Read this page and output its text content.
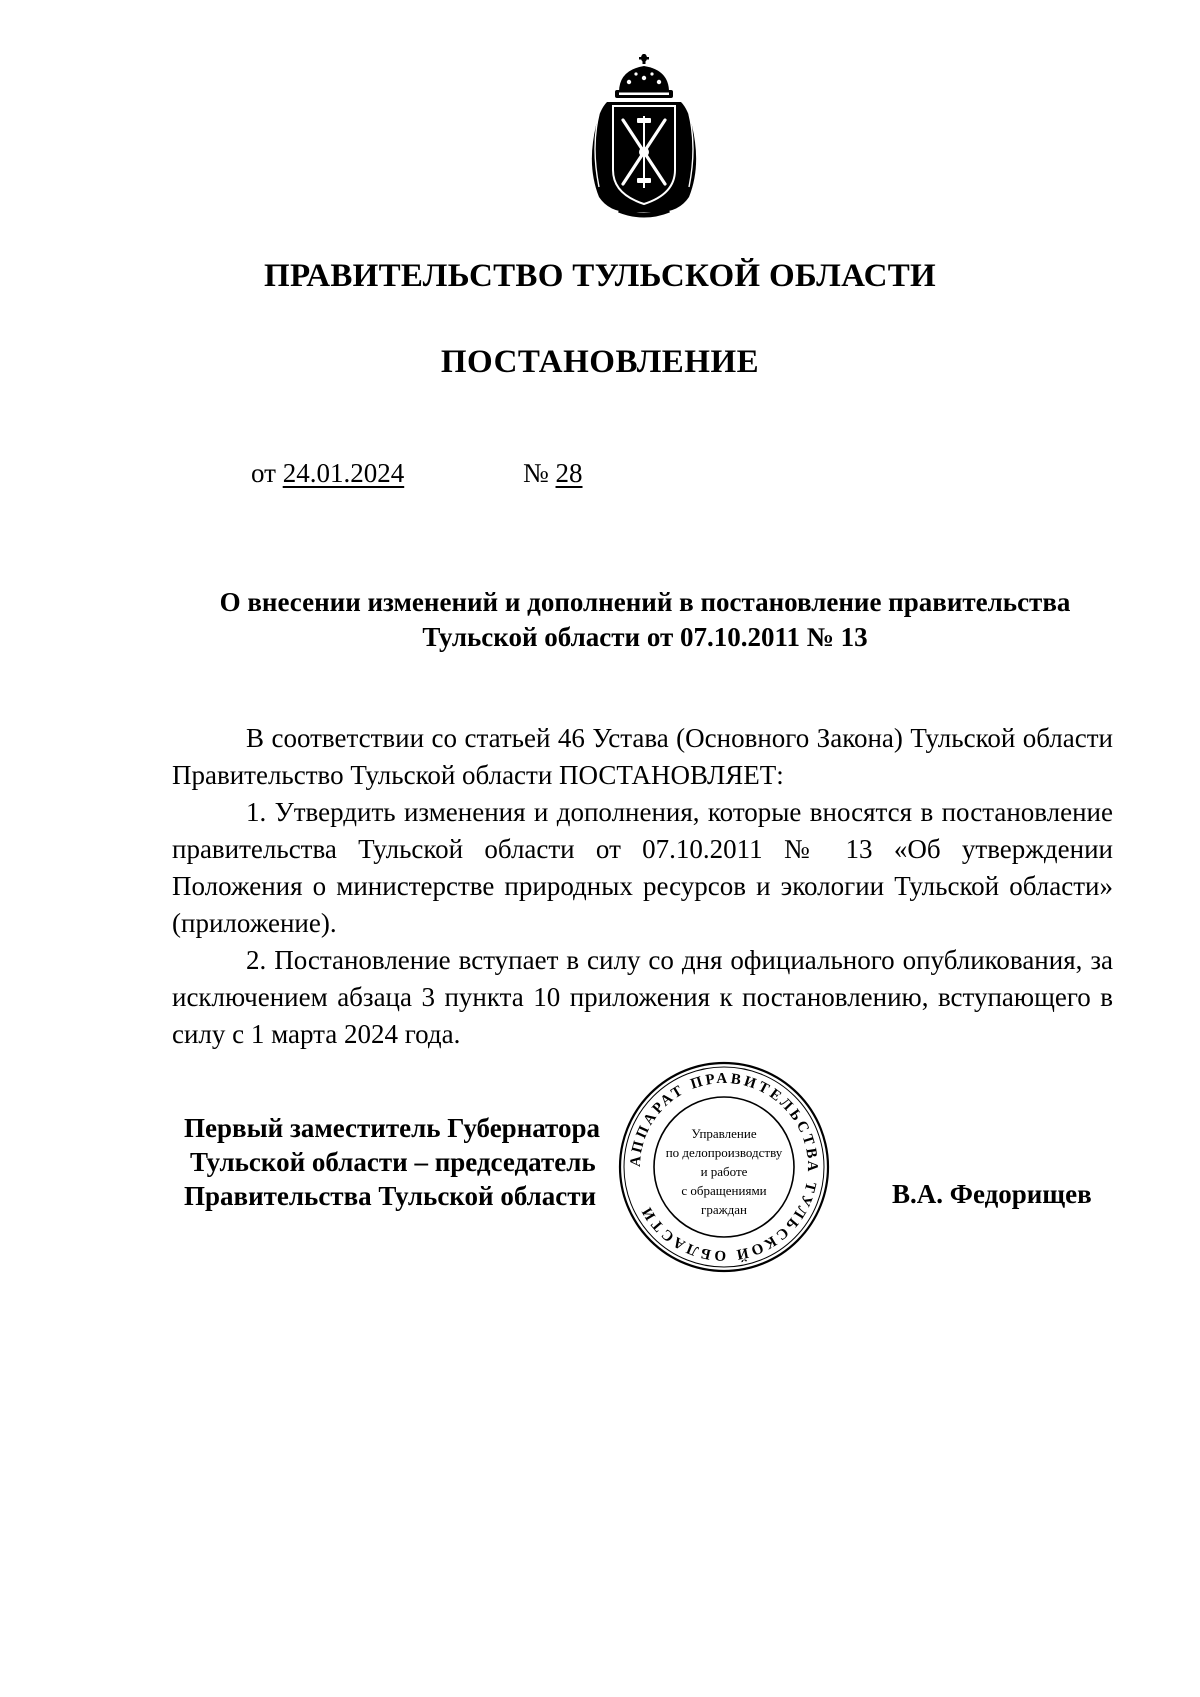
ПРАВИТЕЛЬСТВО ТУЛЬСКОЙ ОБЛАСТИ
ПОСТАНОВЛЕНИЕ
от 24.01.2024	№ 28
О внесении изменений и дополнений в постановление правительства
Тульской области от 07.10.2011 № 13

В соответствии со статьей 46 Устава (Основного Закона) Тульской области Правительство Тульской области ПОСТАНОВЛЯЕТ:

1. Утвердить изменения и дополнения, которые вносятся в постановление правительства Тульской области от 07.10.2011 № 13 «Об утверждении Положения о министерстве природных ресурсов и экологии Тульской области» (приложение).

2. Постановление вступает в силу со дня официального опубликования, за исключением абзаца 3 пункта 10 приложения к постановлению, вступающего в силу с 1 марта 2024 года.

Первый заместитель Губернатора
Тульской области – председатель
Правительства Тульской области	В.А. Федорищев
АППАРАТ ПРАВИТЕЛЬСТВА ТУЛЬСКОЙ ОБЛАСТИ
Управление
по делопроизводству
и работе
с обращениями
граждан
